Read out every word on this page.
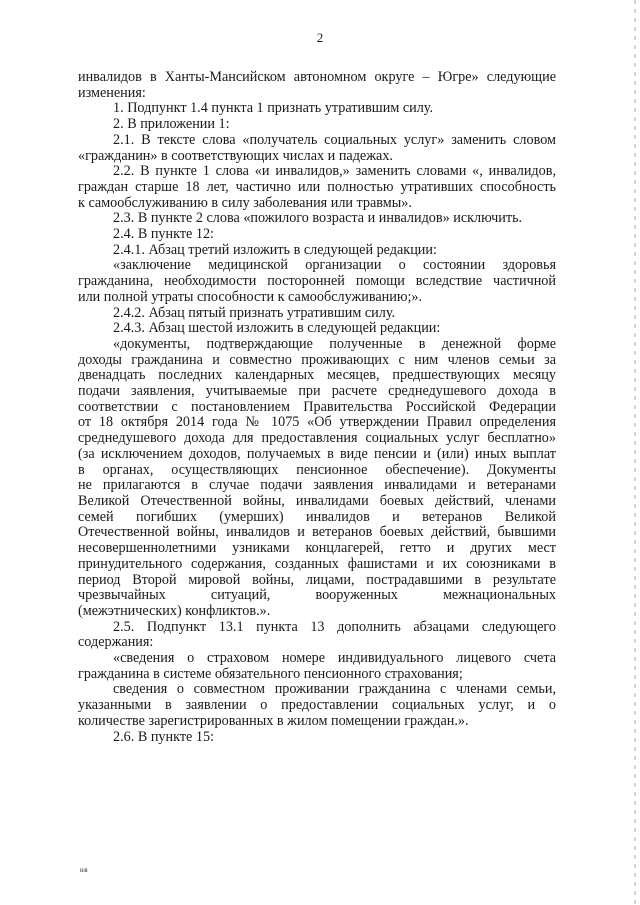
2

инвалидов в Ханты-Мансийском автономном округе – Югре» следующие

изменения:

1. Подпункт 1.4 пункта 1 признать утратившим силу.

2. В приложении 1:

2.1. В тексте слова «получатель социальных услуг» заменить словом

«гражданин» в соответствующих числах и падежах.

2.2. В пункте 1 слова «и инвалидов,» заменить словами «, инвалидов,

граждан старше 18 лет, частично или полностью утративших способность

к самообслуживанию в силу заболевания или травмы».

2.3. В пункте 2 слова «пожилого возраста и инвалидов» исключить.

2.4. В пункте 12:

2.4.1. Абзац третий изложить в следующей редакции:

«заключение медицинской организации о состоянии здоровья

гражданина, необходимости посторонней помощи вследствие частичной

или полной утраты способности к самообслуживанию;».

2.4.2. Абзац пятый признать утратившим силу.

2.4.3. Абзац шестой изложить в следующей редакции:

«документы, подтверждающие полученные в денежной форме

доходы гражданина и совместно проживающих с ним членов семьи за

двенадцать последних календарных месяцев, предшествующих месяцу

подачи заявления, учитываемые при расчете среднедушевого дохода в

соответствии с постановлением Правительства Российской Федерации

от 18 октября 2014 года № 1075 «Об утверждении Правил определения

среднедушевого дохода для предоставления социальных услуг бесплатно»

(за исключением доходов, получаемых в виде пенсии и (или) иных выплат

в органах, осуществляющих пенсионное обеспечение). Документы

не прилагаются в случае подачи заявления инвалидами и ветеранами

Великой Отечественной войны, инвалидами боевых действий, членами

семей погибших (умерших) инвалидов и ветеранов Великой

Отечественной войны, инвалидов и ветеранов боевых действий, бывшими

несовершеннолетними узниками концлагерей, гетто и других мест

принудительного содержания, созданных фашистами и их союзниками в

период Второй мировой войны, лицами, пострадавшими в результате

чрезвычайных ситуаций, вооруженных межнациональных

(межэтнических) конфликтов.».

2.5. Подпункт 13.1 пункта 13 дополнить абзацами следующего

содержания:

«сведения о страховом номере индивидуального лицевого счета

гражданина в системе обязательного пенсионного страхования;

сведения о совместном проживании гражданина с членами семьи,

указанными в заявлении о предоставлении социальных услуг, и о

количестве зарегистрированных в жилом помещении граждан.».

2.6. В пункте 15:

нв
